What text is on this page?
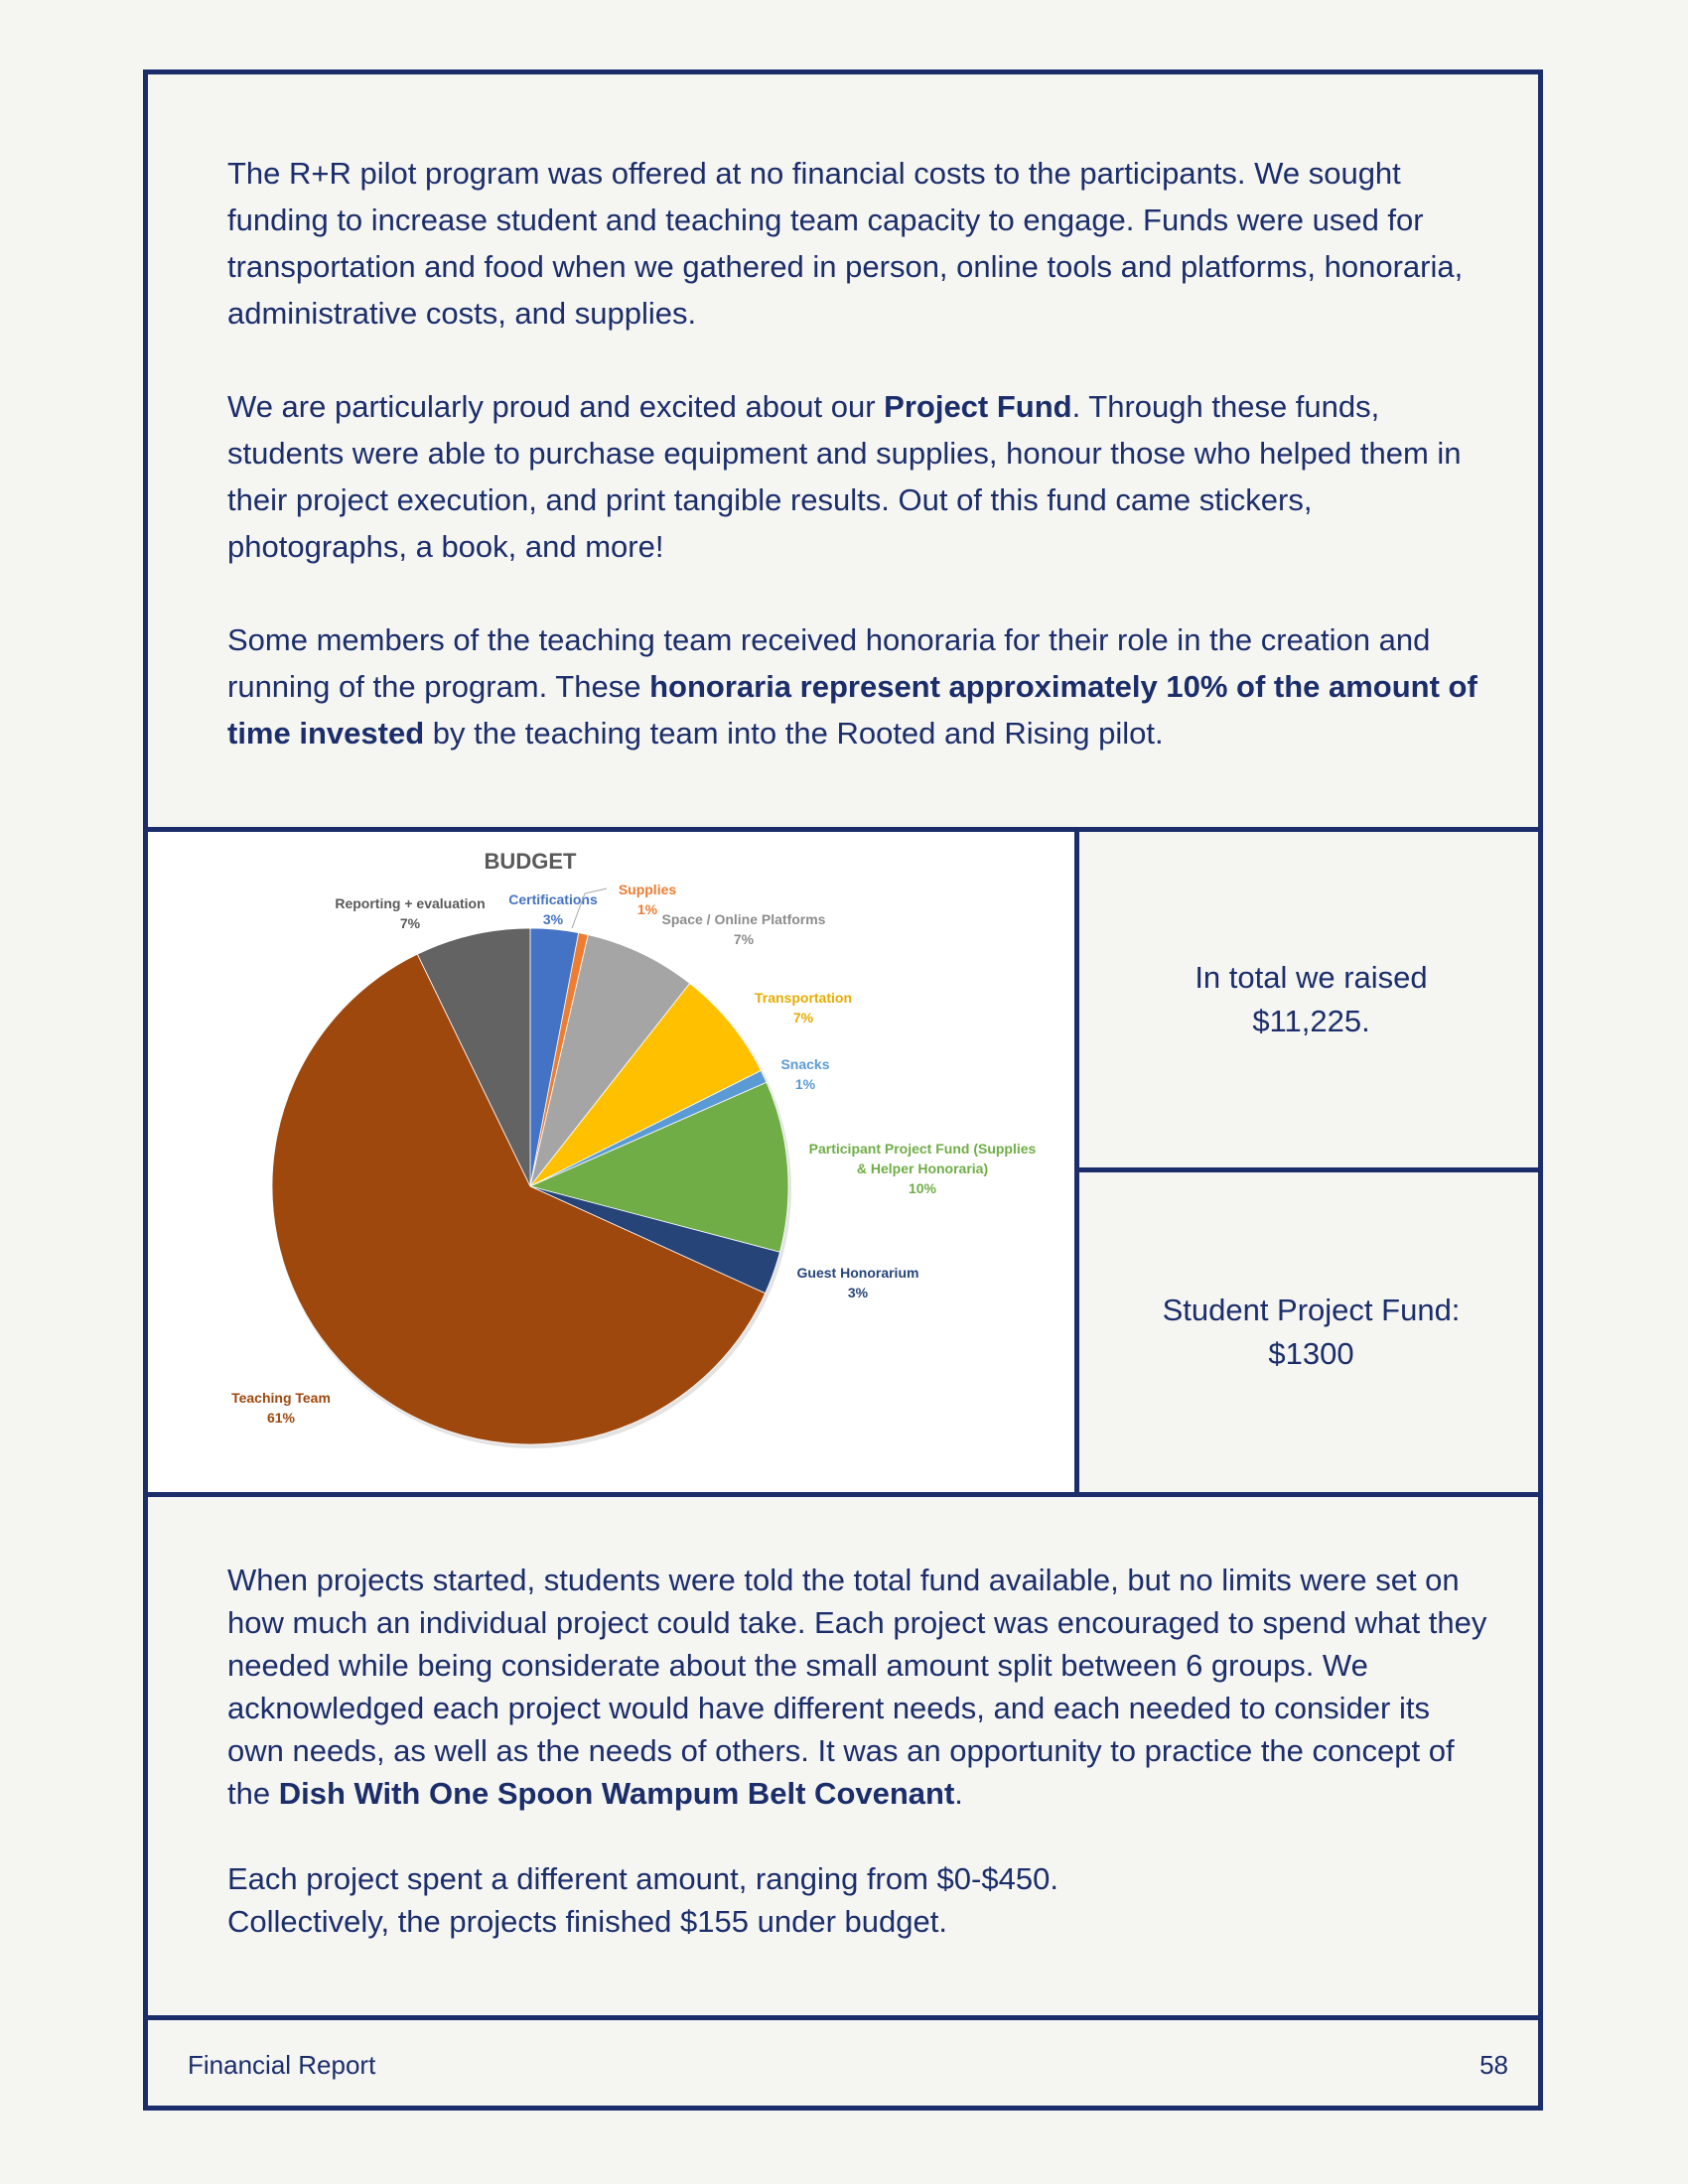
The R+R pilot program was offered at no financial costs to the participants. We sought funding to increase student and teaching team capacity to engage. Funds were used for transportation and food when we gathered in person, online tools and platforms, honoraria, administrative costs, and supplies.

We are particularly proud and excited about our Project Fund. Through these funds, students were able to purchase equipment and supplies, honour those who helped them in their project execution, and print tangible results. Out of this fund came stickers, photographs, a book, and more!

Some members of the teaching team received honoraria for their role in the creation and running of the program. These honoraria represent approximately 10% of the amount of time invested by the teaching team into the Rooted and Rising pilot.

BUDGET
Certifications 3%
Supplies 1%
Space / Online Platforms 7%
Transportation 7%
Snacks 1%
Participant Project Fund (Supplies & Helper Honoraria) 10%
Guest Honorarium 3%
Teaching Team 61%
Reporting + evaluation 7%
In total we raised $11,225.
Student Project Fund:
$1300

When projects started, students were told the total fund available, but no limits were set on how much an individual project could take. Each project was encouraged to spend what they needed while being considerate about the small amount split between 6 groups. We acknowledged each project would have different needs, and each needed to consider its own needs, as well as the needs of others. It was an opportunity to practice the concept of the Dish With One Spoon Wampum Belt Covenant.

Each project spent a different amount, ranging from $0-$450.
Collectively, the projects finished $155 under budget.

Financial Report	58
